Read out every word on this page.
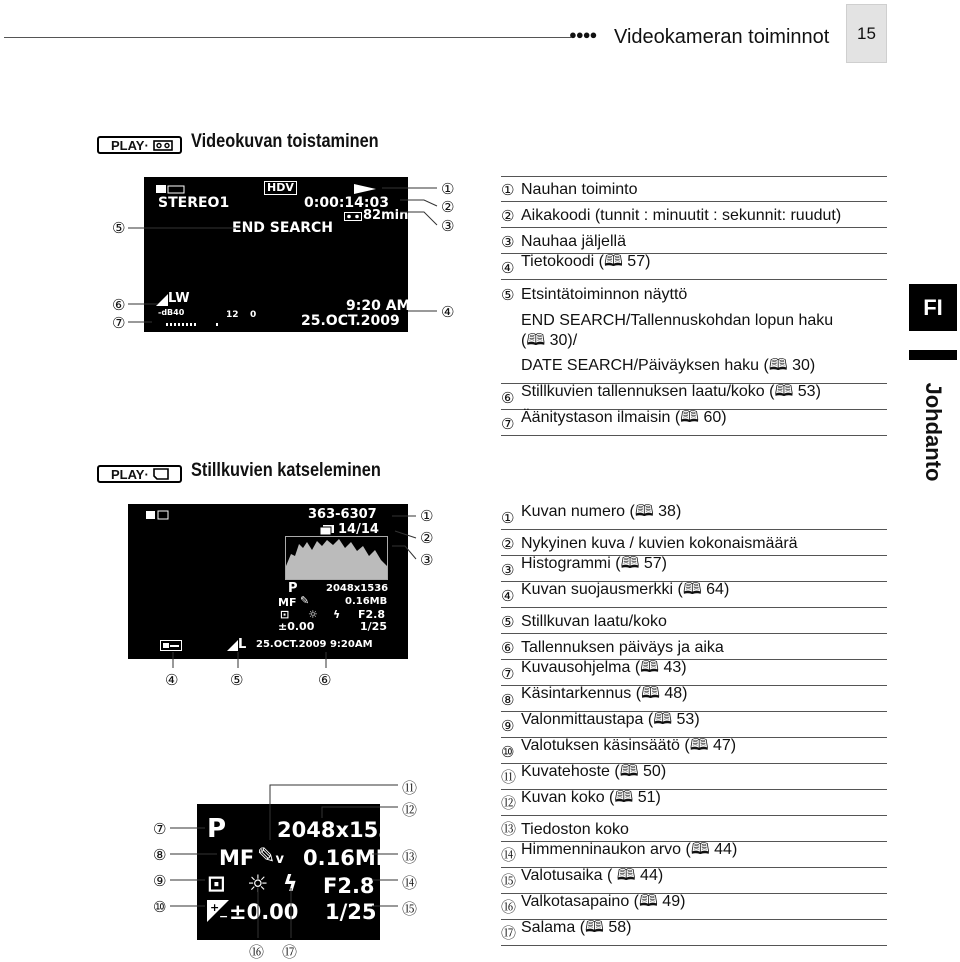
●●●● Videokameran toiminnot 15
FI
Johdanto
PLAY· Videokuvan toistaminen
HDV
STEREO1	0:00:14:03
82min
END SEARCH
LW
-dB40	12 0
9:20 AM
25.OCT.2009
⑤
⑥
⑦
①
②
③
④
① Nauhan toiminto
② Aikakoodi (tunnit : minuutit : sekunnit: ruudut)
③ Nauhaa jäljellä
④ Tietokoodi (🕮 57)
⑤ Etsintätoiminnon näyttö
END SEARCH/Tallennuskohdan lopun haku
(🕮 30)/
DATE SEARCH/Päiväyksen haku (🕮 30)
⑥ Stillkuvien tallennuksen laatu/koko (🕮 53)
⑦ Äänitystason ilmaisin (🕮 60)
PLAY· Stillkuvien katseleminen
363-6307
14/14
P	2048x1536
MF ✎	0.16MB
⊡ ☼ ϟ F2.8
±0.00	1/25
L 25.OCT.2009 9:20AM
①
②
③
④	⑤	⑥
P 2048x1536
MF ✎v 0.16MB
⊡ ☼ ϟ F2.8
+
− ±0.00 1/25
⑦
⑧
⑨
⑩
⑪
⑫
⑬
⑭
⑮
⑯ ⑰
① Kuvan numero (🕮 38)
② Nykyinen kuva / kuvien kokonaismäärä
③ Histogrammi (🕮 57)
④ Kuvan suojausmerkki (🕮 64)
⑤ Stillkuvan laatu/koko
⑥ Tallennuksen päiväys ja aika
⑦ Kuvausohjelma (🕮 43)
⑧ Käsintarkennus (🕮 48)
⑨ Valonmittaustapa (🕮 53)
⑩ Valotuksen käsinsäätö (🕮 47)
⑪ Kuvatehoste (🕮 50)
⑫ Kuvan koko (🕮 51)
⑬ Tiedoston koko
⑭ Himmenninaukon arvo (🕮 44)
⑮ Valotusaika ( 🕮 44)
⑯ Valkotasapaino (🕮 49)
⑰ Salama (🕮 58)
